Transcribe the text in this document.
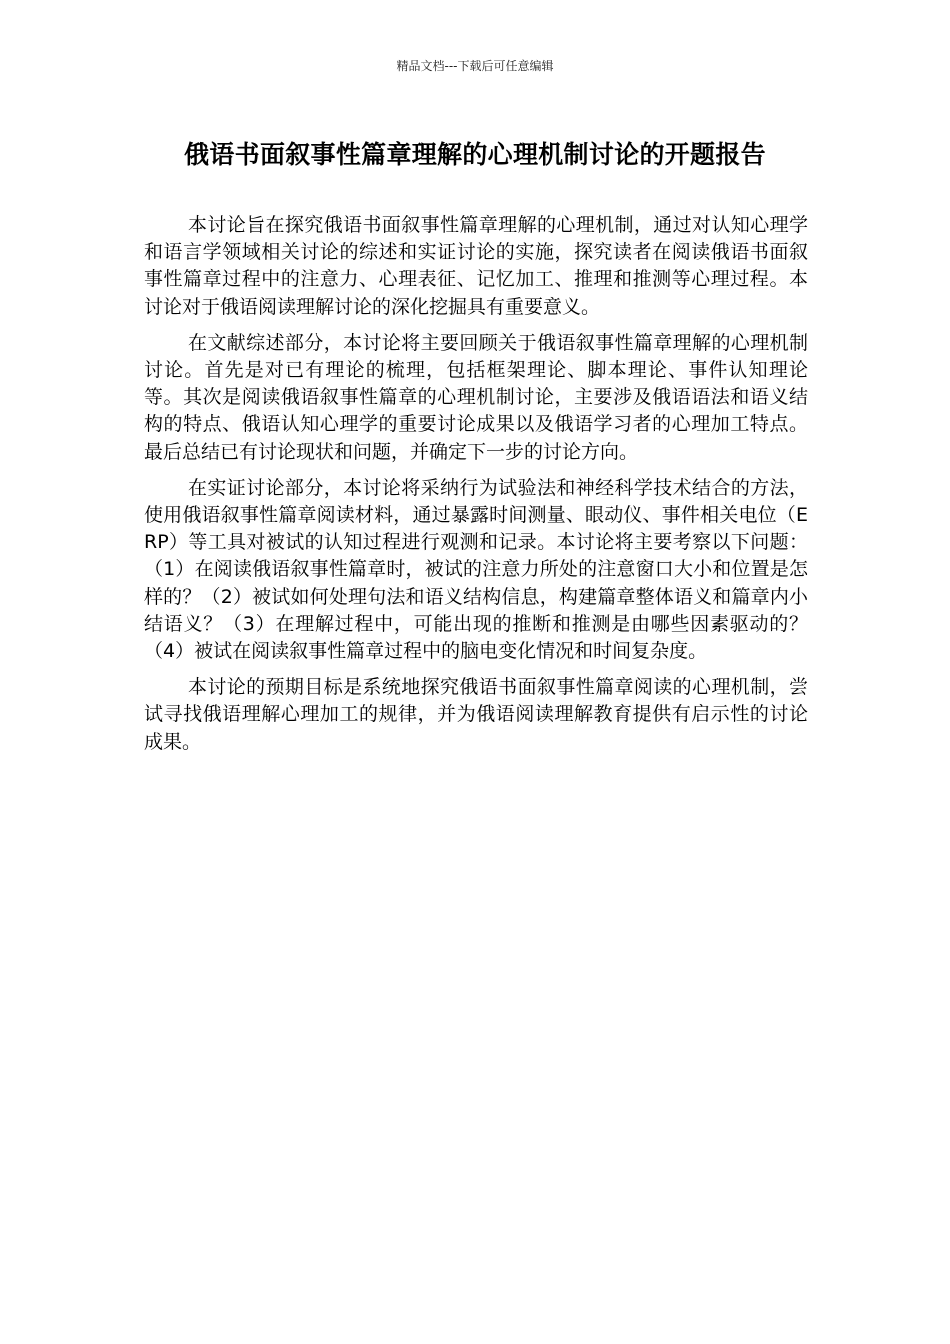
精品文档---下载后可任意编辑
俄语书面叙事性篇章理解的心理机制讨论的开题报告

本讨论旨在探究俄语书面叙事性篇章理解的心理机制，通过对认知心理学和语言学领域相关讨论的综述和实证讨论的实施，探究读者在阅读俄语书面叙事性篇章过程中的注意力、心理表征、记忆加工、推理和推测等心理过程。本讨论对于俄语阅读理解讨论的深化挖掘具有重要意义。

在文献综述部分，本讨论将主要回顾关于俄语叙事性篇章理解的心理机制讨论。首先是对已有理论的梳理，包括框架理论、脚本理论、事件认知理论等。其次是阅读俄语叙事性篇章的心理机制讨论，主要涉及俄语语法和语义结构的特点、俄语认知心理学的重要讨论成果以及俄语学习者的心理加工特点。最后总结已有讨论现状和问题，并确定下一步的讨论方向。

在实证讨论部分，本讨论将采纳行为试验法和神经科学技术结合的方法，使用俄语叙事性篇章阅读材料，通过暴露时间测量、眼动仪、事件相关电位（ERP）等工具对被试的认知过程进行观测和记录。本讨论将主要考察以下问题：（1）在阅读俄语叙事性篇章时，被试的注意力所处的注意窗口大小和位置是怎样的？（2）被试如何处理句法和语义结构信息，构建篇章整体语义和篇章内小结语义？（3）在理解过程中，可能出现的推断和推测是由哪些因素驱动的？（4）被试在阅读叙事性篇章过程中的脑电变化情况和时间复杂度。

本讨论的预期目标是系统地探究俄语书面叙事性篇章阅读的心理机制，尝试寻找俄语理解心理加工的规律，并为俄语阅读理解教育提供有启示性的讨论成果。
